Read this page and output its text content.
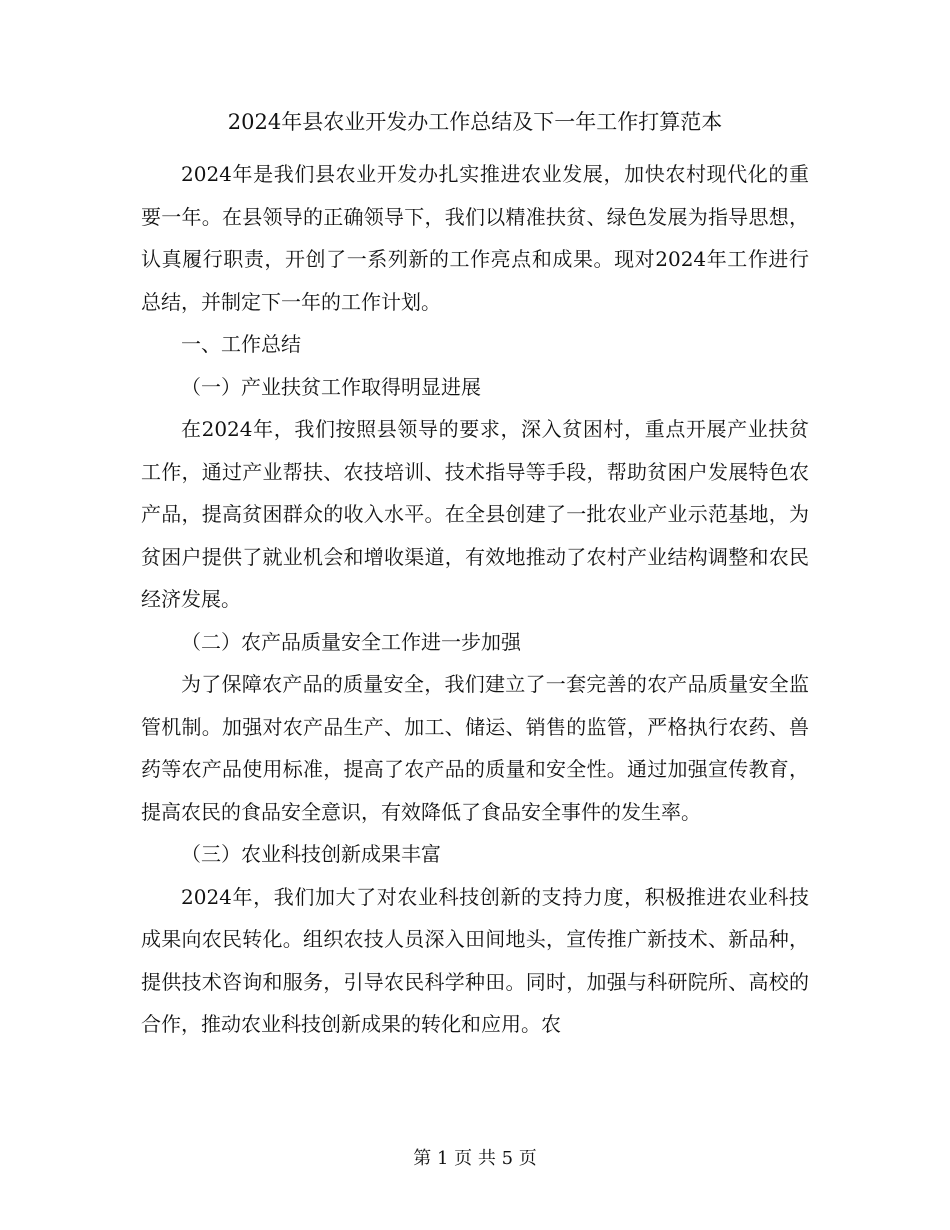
2024年县农业开发办工作总结及下一年工作打算范本

2024年是我们县农业开发办扎实推进农业发展，加快农村现代化的重要一年。在县领导的正确领导下，我们以精准扶贫、绿色发展为指导思想，认真履行职责，开创了一系列新的工作亮点和成果。现对2024年工作进行总结，并制定下一年的工作计划。

一、工作总结

（一）产业扶贫工作取得明显进展

在2024年，我们按照县领导的要求，深入贫困村，重点开展产业扶贫工作，通过产业帮扶、农技培训、技术指导等手段，帮助贫困户发展特色农产品，提高贫困群众的收入水平。在全县创建了一批农业产业示范基地，为贫困户提供了就业机会和增收渠道，有效地推动了农村产业结构调整和农民经济发展。

（二）农产品质量安全工作进一步加强

为了保障农产品的质量安全，我们建立了一套完善的农产品质量安全监管机制。加强对农产品生产、加工、储运、销售的监管，严格执行农药、兽药等农产品使用标准，提高了农产品的质量和安全性。通过加强宣传教育，提高农民的食品安全意识，有效降低了食品安全事件的发生率。

（三）农业科技创新成果丰富

2024年，我们加大了对农业科技创新的支持力度，积极推进农业科技成果向农民转化。组织农技人员深入田间地头，宣传推广新技术、新品种，提供技术咨询和服务，引导农民科学种田。同时，加强与科研院所、高校的合作，推动农业科技创新成果的转化和应用。农

第 1 页 共 5 页
